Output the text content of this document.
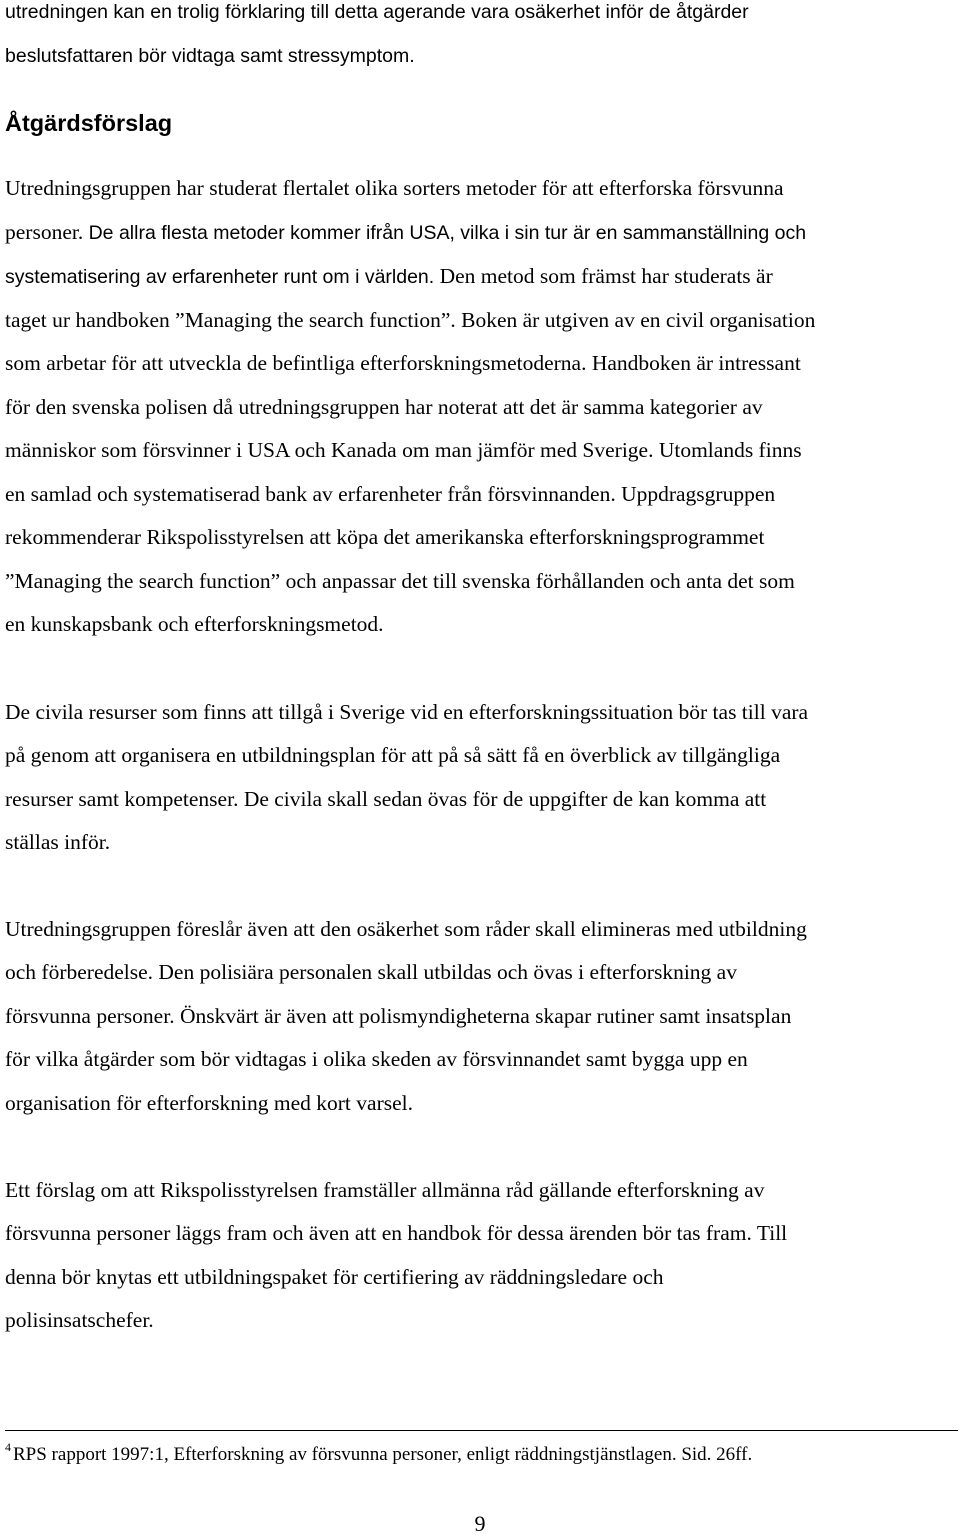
utredningen kan en trolig förklaring till detta agerande vara osäkerhet inför de åtgärder
beslutsfattaren bör vidtaga samt stressymptom.
Åtgärdsförslag
Utredningsgruppen har studerat flertalet olika sorters metoder för att efterforska försvunna
personer. De allra flesta metoder kommer ifrån USA, vilka i sin tur är en sammanställning och
systematisering av erfarenheter runt om i världen. Den metod som främst har studerats är
taget ur handboken ”Managing the search function”. Boken är utgiven av en civil organisation
som arbetar för att utveckla de befintliga efterforskningsmetoderna. Handboken är intressant
för den svenska polisen då utredningsgruppen har noterat att det är samma kategorier av
människor som försvinner i USA och Kanada om man jämför med Sverige. Utomlands finns
en samlad och systematiserad bank av erfarenheter från försvinnanden. Uppdragsgruppen
rekommenderar Rikspolisstyrelsen att köpa det amerikanska efterforskningsprogrammet
”Managing the search function” och anpassar det till svenska förhållanden och anta det som
en kunskapsbank och efterforskningsmetod.
De civila resurser som finns att tillgå i Sverige vid en efterforskningssituation bör tas till vara
på genom att organisera en utbildningsplan för att på så sätt få en överblick av tillgängliga
resurser samt kompetenser. De civila skall sedan övas för de uppgifter de kan komma att
ställas inför.
Utredningsgruppen föreslår även att den osäkerhet som råder skall elimineras med utbildning
och förberedelse. Den polisiära personalen skall utbildas och övas i efterforskning av
försvunna personer. Önskvärt är även att polismyndigheterna skapar rutiner samt insatsplan
för vilka åtgärder som bör vidtagas i olika skeden av försvinnandet samt bygga upp en
organisation för efterforskning med kort varsel.
Ett förslag om att Rikspolisstyrelsen framställer allmänna råd gällande efterforskning av
försvunna personer läggs fram och även att en handbok för dessa ärenden bör tas fram. Till
denna bör knytas ett utbildningspaket för certifiering av räddningsledare och
polisinsatschefer.
$^4$ RPS rapport 1997:1, Efterforskning av försvunna personer, enligt räddningstjänstlagen. Sid. 26ff.
9
